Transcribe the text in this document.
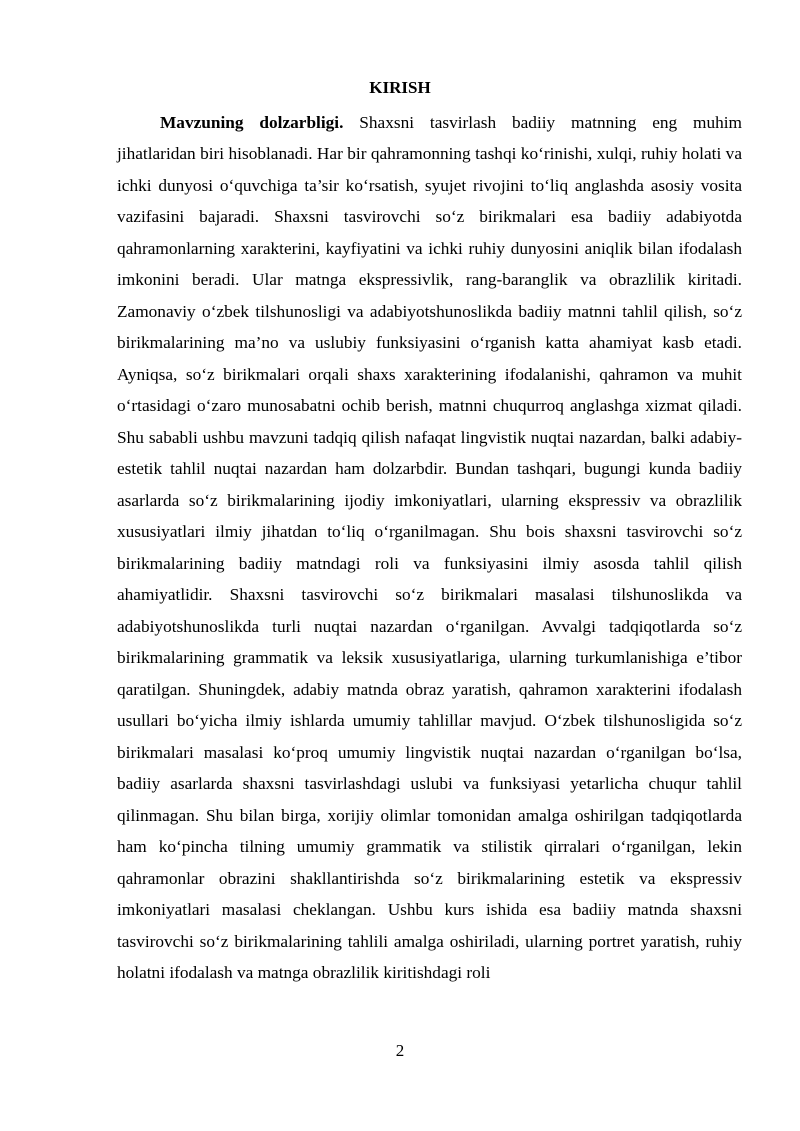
KIRISH

Mavzuning dolzarbligi. Shaxsni tasvirlash badiiy matnning eng muhim jihatlaridan biri hisoblanadi. Har bir qahramonning tashqi ko‘rinishi, xulqi, ruhiy holati va ichki dunyosi o‘quvchiga ta’sir ko‘rsatish, syujet rivojini to‘liq anglashda asosiy vosita vazifasini bajaradi. Shaxsni tasvirovchi so‘z birikmalari esa badiiy adabiyotda qahramonlarning xarakterini, kayfiyatini va ichki ruhiy dunyosini aniqlik bilan ifodalash imkonini beradi. Ular matnga ekspressivlik, rang-baranglik va obrazlilik kiritadi. Zamonaviy o‘zbek tilshunosligi va adabiyotshunoslikda badiiy matnni tahlil qilish, so‘z birikmalarining ma’no va uslubiy funksiyasini o‘rganish katta ahamiyat kasb etadi. Ayniqsa, so‘z birikmalari orqali shaxs xarakterining ifodalanishi, qahramon va muhit o‘rtasidagi o‘zaro munosabatni ochib berish, matnni chuqurroq anglashga xizmat qiladi. Shu sababli ushbu mavzuni tadqiq qilish nafaqat lingvistik nuqtai nazardan, balki adabiy-estetik tahlil nuqtai nazardan ham dolzarbdir. Bundan tashqari, bugungi kunda badiiy asarlarda so‘z birikmalarining ijodiy imkoniyatlari, ularning ekspressiv va obrazlilik xususiyatlari ilmiy jihatdan to‘liq o‘rganilmagan. Shu bois shaxsni tasvirovchi so‘z birikmalarining badiiy matndagi roli va funksiyasini ilmiy asosda tahlil qilish ahamiyatlidir. Shaxsni tasvirovchi so‘z birikmalari masalasi tilshunoslikda va adabiyotshunoslikda turli nuqtai nazardan o‘rganilgan. Avvalgi tadqiqotlarda so‘z birikmalarining grammatik va leksik xususiyatlariga, ularning turkumlanishiga e’tibor qaratilgan. Shuningdek, adabiy matnda obraz yaratish, qahramon xarakterini ifodalash usullari bo‘yicha ilmiy ishlarda umumiy tahlillar mavjud. O‘zbek tilshunosligida so‘z birikmalari masalasi ko‘proq umumiy lingvistik nuqtai nazardan o‘rganilgan bo‘lsa, badiiy asarlarda shaxsni tasvirlashdagi uslubi va funksiyasi yetarlicha chuqur tahlil qilinmagan. Shu bilan birga, xorijiy olimlar tomonidan amalga oshirilgan tadqiqotlarda ham ko‘pincha tilning umumiy grammatik va stilistik qirralari o‘rganilgan, lekin qahramonlar obrazini shakllantirishda so‘z birikmalarining estetik va ekspressiv imkoniyatlari masalasi cheklangan. Ushbu kurs ishida esa badiiy matnda shaxsni tasvirovchi so‘z birikmalarining tahlili amalga oshiriladi, ularning portret yaratish, ruhiy holatni ifodalash va matnga obrazlilik kiritishdagi roli

2
